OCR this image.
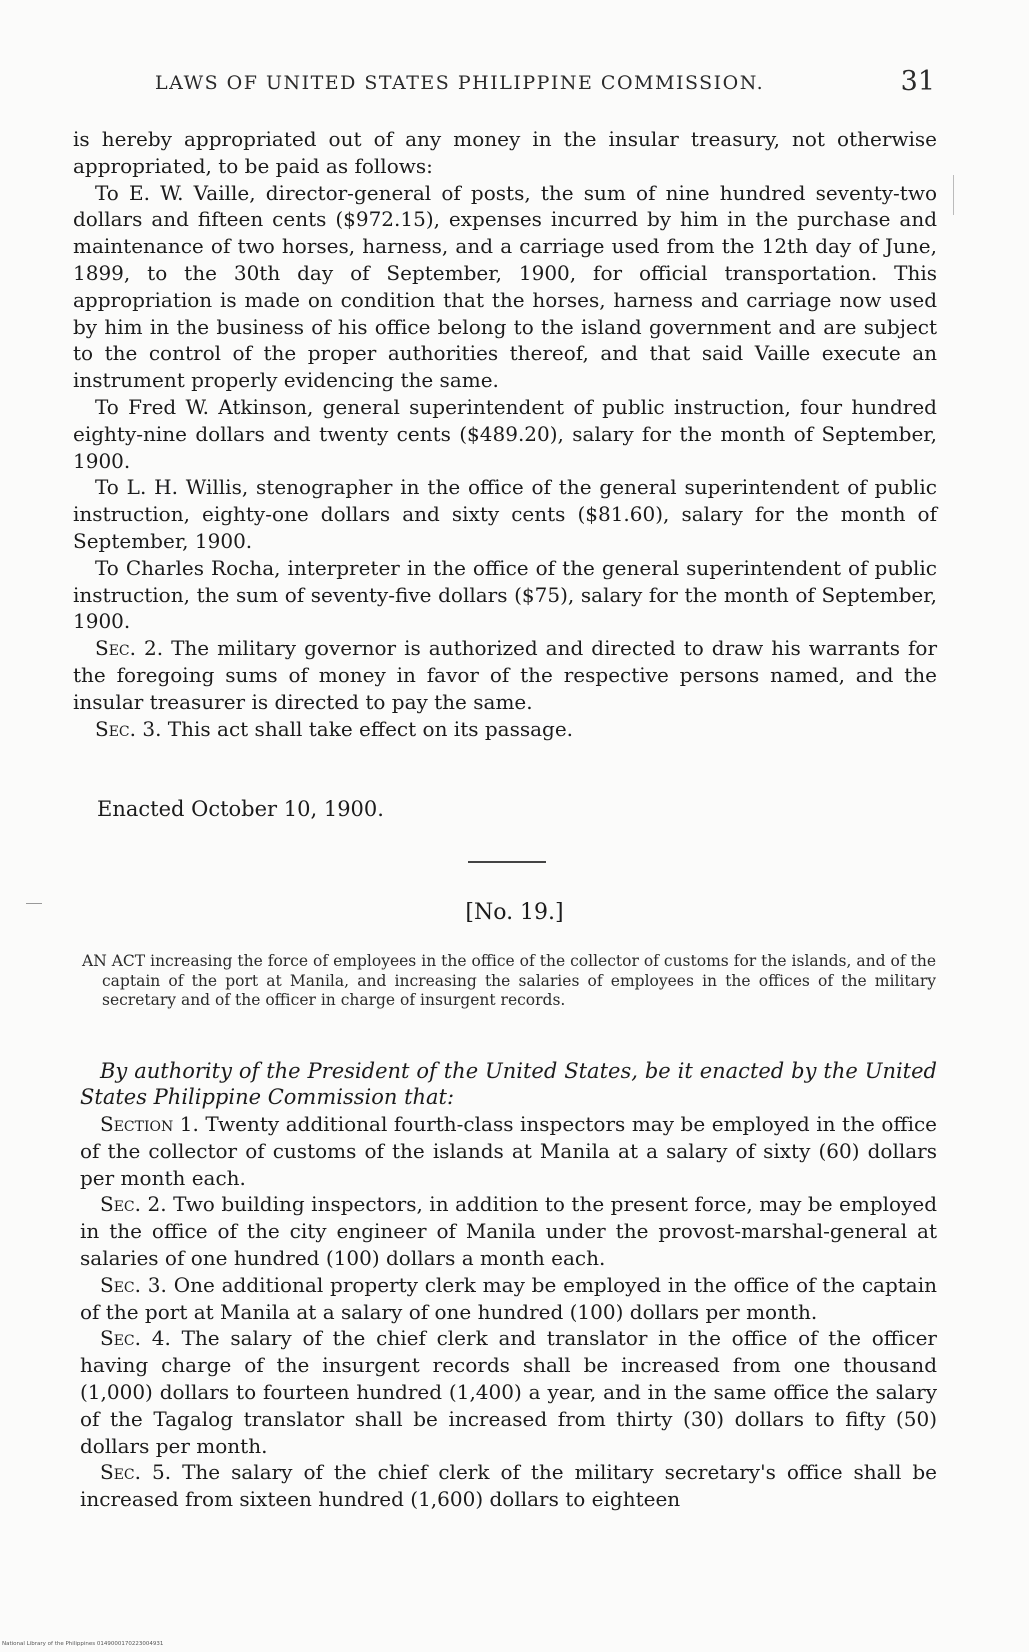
LAWS OF UNITED STATES PHILIPPINE COMMISSION.	31

is hereby appropriated out of any money in the insular treasury, not otherwise appropriated, to be paid as follows:

To E. W. Vaille, director-general of posts, the sum of nine hundred seventy-two dollars and fifteen cents ($972.15), expenses incurred by him in the purchase and maintenance of two horses, harness, and a carriage used from the 12th day of June, 1899, to the 30th day of September, 1900, for official transportation. This appropriation is made on condition that the horses, harness and carriage now used by him in the business of his office belong to the island government and are subject to the control of the proper authorities thereof, and that said Vaille execute an instrument properly evidencing the same.

To Fred W. Atkinson, general superintendent of public instruction, four hundred eighty-nine dollars and twenty cents ($489.20), salary for the month of September, 1900.

To L. H. Willis, stenographer in the office of the general superintendent of public instruction, eighty-one dollars and sixty cents ($81.60), salary for the month of September, 1900.

To Charles Rocha, interpreter in the office of the general superintendent of public instruction, the sum of seventy-five dollars ($75), salary for the month of September, 1900.

Sec. 2. The military governor is authorized and directed to draw his warrants for the foregoing sums of money in favor of the respective persons named, and the insular treasurer is directed to pay the same.

Sec. 3. This act shall take effect on its passage.

Enacted October 10, 1900.
[No. 19.]

AN ACT increasing the force of employees in the office of the collector of customs for the islands, and of the captain of the port at Manila, and increasing the salaries of employees in the offices of the military secretary and of the officer in charge of insurgent records.

By authority of the President of the United States, be it enacted by the United States Philippine Commission that:

Section 1. Twenty additional fourth-class inspectors may be employed in the office of the collector of customs of the islands at Manila at a salary of sixty (60) dollars per month each.

Sec. 2. Two building inspectors, in addition to the present force, may be employed in the office of the city engineer of Manila under the provost-marshal-general at salaries of one hundred (100) dollars a month each.

Sec. 3. One additional property clerk may be employed in the office of the captain of the port at Manila at a salary of one hundred (100) dollars per month.

Sec. 4. The salary of the chief clerk and translator in the office of the officer having charge of the insurgent records shall be increased from one thousand (1,000) dollars to fourteen hundred (1,400) a year, and in the same office the salary of the Tagalog translator shall be increased from thirty (30) dollars to fifty (50) dollars per month.

Sec. 5. The salary of the chief clerk of the military secretary's office shall be increased from sixteen hundred (1,600) dollars to eighteen

National Library of the Philippines 0149000170223004931
